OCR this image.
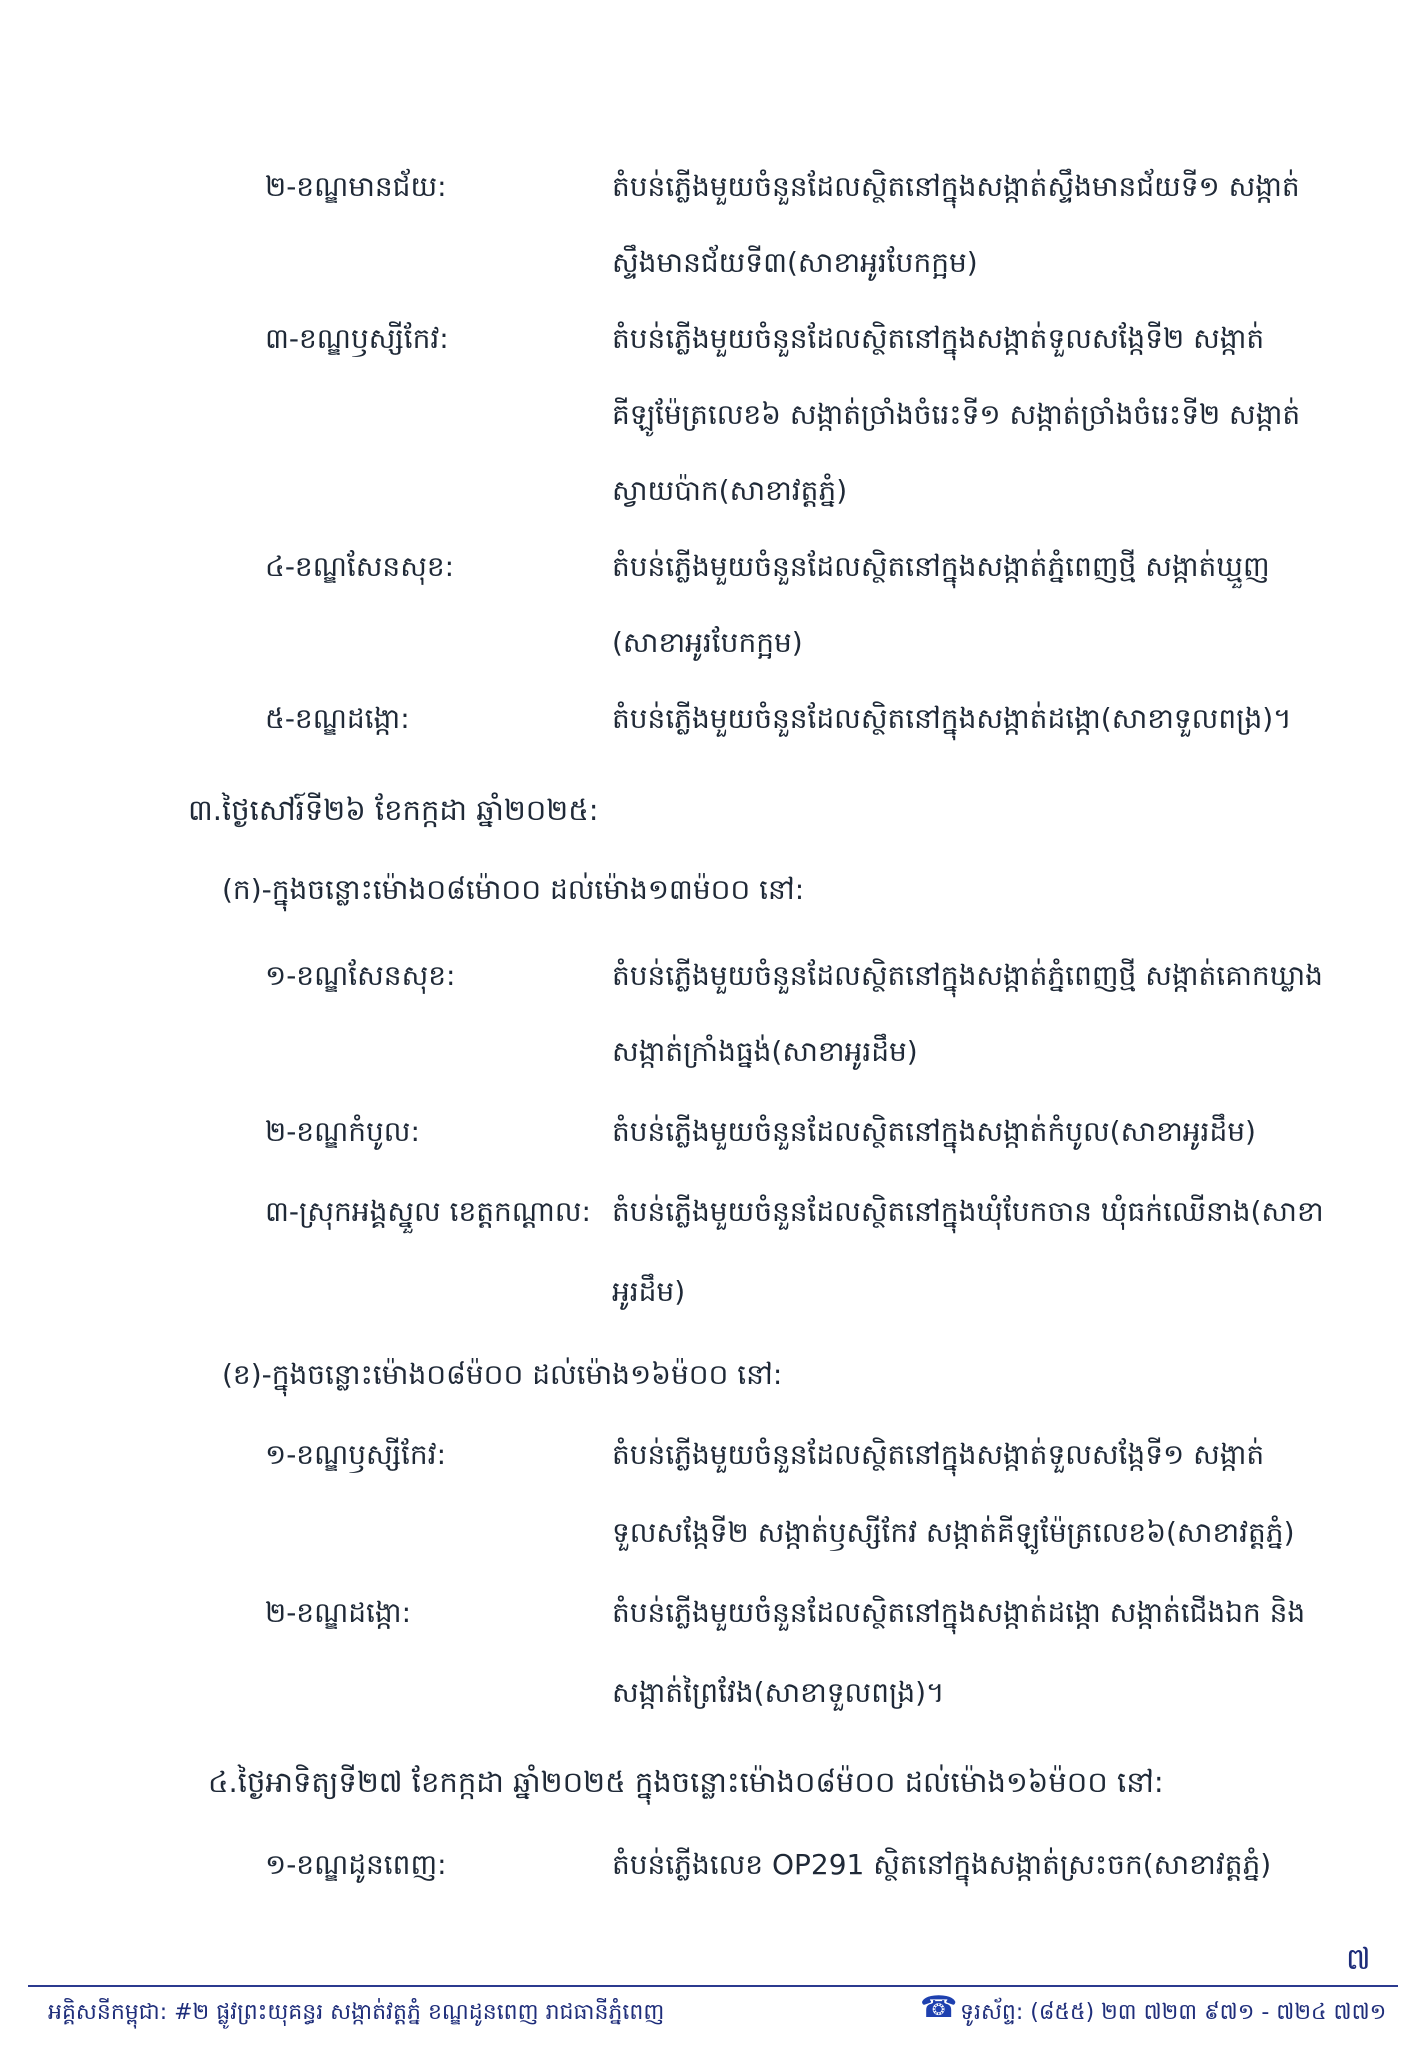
២-ខណ្ឌមានជ័យ:	តំបន់ភ្លើងមួយចំនួនដែលស្ថិតនៅក្នុងសង្កាត់ស្ទឹងមានជ័យទី១ សង្កាត់
ស្ទឹងមានជ័យទី៣(សាខាអូរបែកក្អម)
៣-ខណ្ឌឫស្សីកែវ:	តំបន់ភ្លើងមួយចំនួនដែលស្ថិតនៅក្នុងសង្កាត់ទួលសង្កែទី២ សង្កាត់
គីឡូម៉ែត្រលេខ៦ សង្កាត់ច្រាំងចំរេះទី១ សង្កាត់ច្រាំងចំរេះទី២ សង្កាត់
ស្វាយប៉ាក(សាខាវត្តភ្នំ)
៤-ខណ្ឌសែនសុខ:	តំបន់ភ្លើងមួយចំនួនដែលស្ថិតនៅក្នុងសង្កាត់ភ្នំពេញថ្មី សង្កាត់ឃ្មួញ
(សាខាអូរបែកក្អម)
៥-ខណ្ឌដង្កោ:	តំបន់ភ្លើងមួយចំនួនដែលស្ថិតនៅក្នុងសង្កាត់ដង្កោ(សាខាទួលពង្រ)។
៣.ថ្ងៃសៅរ៍ទី២៦ ខែកក្កដា ឆ្នាំ២០២៥:
(ក)-ក្នុងចន្លោះម៉ោង០៨ម៉ោ០០ ដល់ម៉ោង១៣ម៉០០ នៅ:
១-ខណ្ឌសែនសុខ:	តំបន់ភ្លើងមួយចំនួនដែលស្ថិតនៅក្នុងសង្កាត់ភ្នំពេញថ្មី សង្កាត់គោកឃ្លាង
សង្កាត់ក្រាំងធ្នង់(សាខាអូរដឹម)
២-ខណ្ឌកំបូល:	តំបន់ភ្លើងមួយចំនួនដែលស្ថិតនៅក្នុងសង្កាត់កំបូល(សាខាអូរដឹម)
៣-ស្រុកអង្គស្នួល ខេត្តកណ្ដាល: តំបន់ភ្លើងមួយចំនួនដែលស្ថិតនៅក្នុងឃុំបែកចាន ឃុំធក់ឈើនាង(សាខា
អូរដឹម)
(ខ)-ក្នុងចន្លោះម៉ោង០៨ម៉០០ ដល់ម៉ោង១៦ម៉០០ នៅ:
១-ខណ្ឌឫស្សីកែវ:	តំបន់ភ្លើងមួយចំនួនដែលស្ថិតនៅក្នុងសង្កាត់ទួលសង្កែទី១ សង្កាត់
ទួលសង្កែទី២ សង្កាត់ឫស្សីកែវ សង្កាត់គីឡូម៉ែត្រលេខ៦(សាខាវត្តភ្នំ)
២-ខណ្ឌដង្កោ:	តំបន់ភ្លើងមួយចំនួនដែលស្ថិតនៅក្នុងសង្កាត់ដង្កោ សង្កាត់ជើងឯក និង
សង្កាត់ព្រៃវែង(សាខាទួលពង្រ)។
៤.ថ្ងៃអាទិត្យទី២៧ ខែកក្កដា ឆ្នាំ២០២៥ ក្នុងចន្លោះម៉ោង០៨ម៉០០ ដល់ម៉ោង១៦ម៉០០ នៅ:
១-ខណ្ឌដូនពេញ:	តំបន់ភ្លើងលេខ OP291 ស្ថិតនៅក្នុងសង្កាត់ស្រះចក(សាខាវត្តភ្នំ)
៧
អគ្គិសនីកម្ពុជា: #២ ផ្លូវព្រះយុគន្ធរ សង្កាត់វត្តភ្នំ ខណ្ឌដូនពេញ រាជធានីភ្នំពេញ	☎ ទូរស័ព្ទ: (៨៥៥) ២៣ ៧២៣ ៩៧១ - ៧២៤ ៧៧១
